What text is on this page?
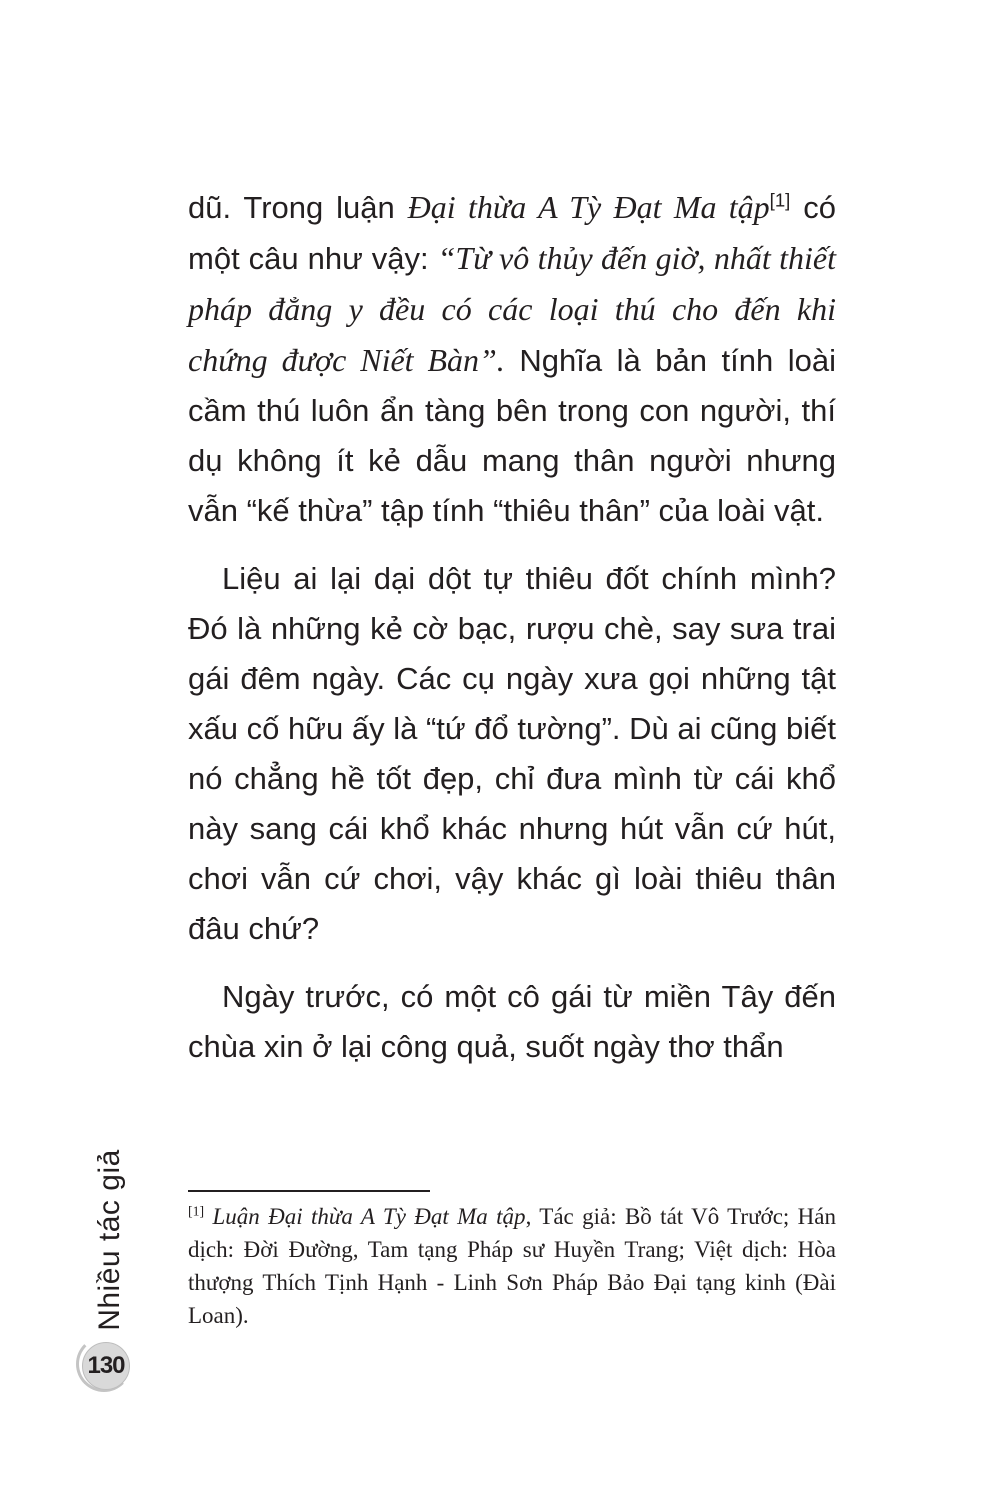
dũ. Trong luận Đại thừa A Tỳ Đạt Ma tập[1] có một câu như vậy: “Từ vô thủy đến giờ, nhất thiết pháp đẳng y đều có các loại thú cho đến khi chứng được Niết Bàn”. Nghĩa là bản tính loài cầm thú luôn ẩn tàng bên trong con người, thí dụ không ít kẻ dẫu mang thân người nhưng vẫn “kế thừa” tập tính “thiêu thân” của loài vật.

Liệu ai lại dại dột tự thiêu đốt chính mình? Đó là những kẻ cờ bạc, rượu chè, say sưa trai gái đêm ngày. Các cụ ngày xưa gọi những tật xấu cố hữu ấy là “tứ đổ tường”. Dù ai cũng biết nó chẳng hề tốt đẹp, chỉ đưa mình từ cái khổ này sang cái khổ khác nhưng hút vẫn cứ hút, chơi vẫn cứ chơi, vậy khác gì loài thiêu thân đâu chứ?

Ngày trước, có một cô gái từ miền Tây đến chùa xin ở lại công quả, suốt ngày thơ thẩn

[1] Luận Đại thừa A Tỳ Đạt Ma tập, Tác giả: Bồ tát Vô Trước; Hán dịch: Đời Đường, Tam tạng Pháp sư Huyền Trang; Việt dịch: Hòa thượng Thích Tịnh Hạnh - Linh Sơn Pháp Bảo Đại tạng kinh (Đài Loan).
Nhiều tác giả
130
